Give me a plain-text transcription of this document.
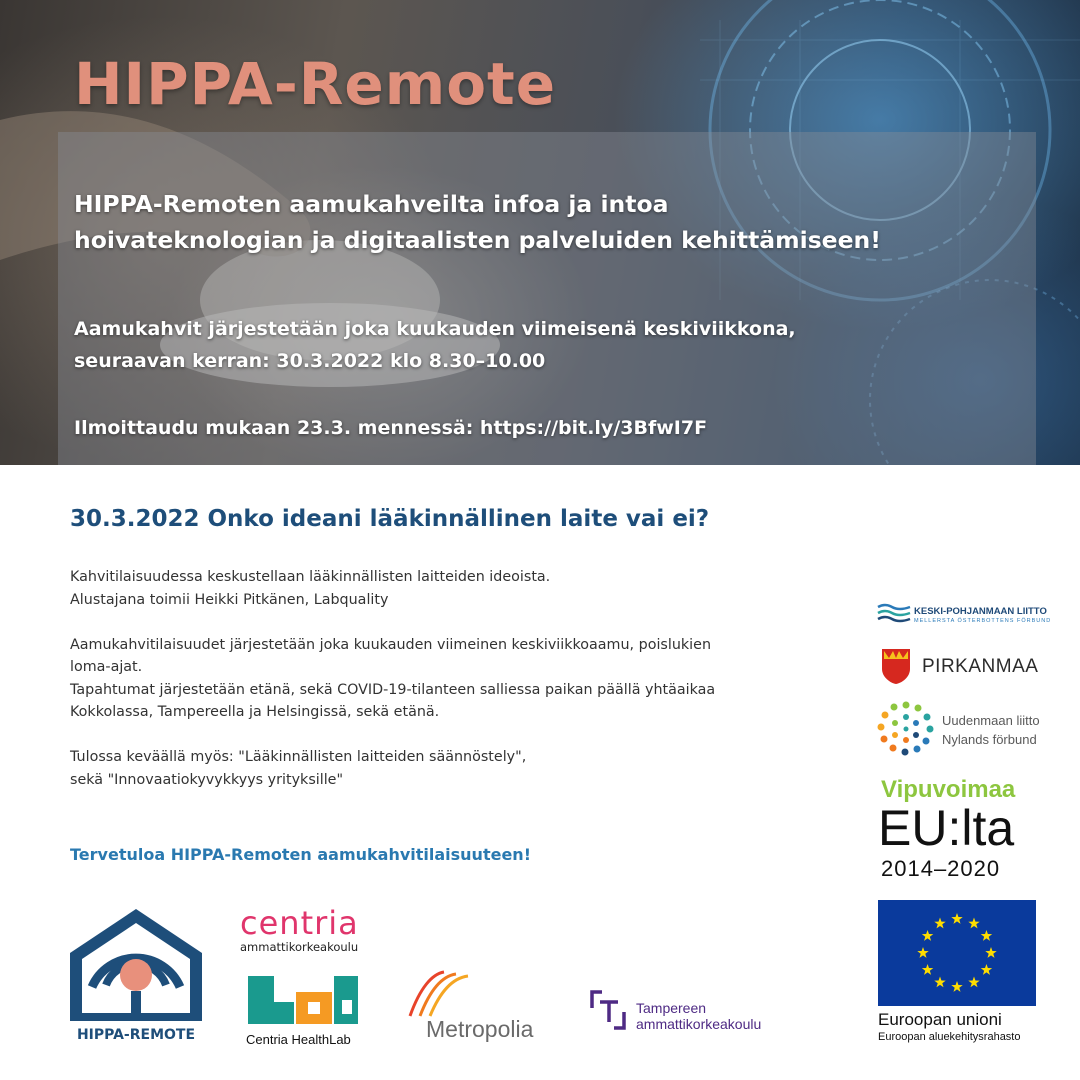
HIPPA-Remote
HIPPA-Remoten aamukahveilta infoa ja intoa
hoivateknologian ja digitaalisten palveluiden kehittämiseen!
Aamukahvit järjestetään joka kuukauden viimeisenä keskiviikkona,
seuraavan kerran: 30.3.2022 klo 8.30–10.00
Ilmoittaudu mukaan 23.3. mennessä: https://bit.ly/3BfwI7F
30.3.2022 Onko ideani lääkinnällinen laite vai ei?

Kahvitilaisuudessa keskustellaan lääkinnällisten laitteiden ideoista.
Alustajana toimii Heikki Pitkänen, Labquality

Aamukahvitilaisuudet järjestetään joka kuukauden viimeinen keskiviikkoaamu, poislukien
loma-ajat.
Tapahtumat järjestetään etänä, sekä COVID-19-tilanteen salliessa paikan päällä yhtäaikaa
Kokkolassa, Tampereella ja Helsingissä, sekä etänä.

Tulossa keväällä myös: "Lääkinnällisten laitteiden säännöstely",
sekä "Innovaatiokyvykkyys yrityksille"

Tervetuloa HIPPA-Remoten aamukahvitilaisuuteen!
HIPPA-REMOTE
centria
ammattikorkeakoulu
Centria HealthLab	Metropolia
Tampereen
ammattikorkeakoulu
KESKI-POHJANMAAN LIITTO
MELLERSTA ÖSTERBOTTENS FÖRBUND
PIRKANMAA
Uudenmaan liitto
Nylands förbund
Vipuvoimaa
EU:lta
2014–2020
Euroopan unioni
Euroopan aluekehitysrahasto
